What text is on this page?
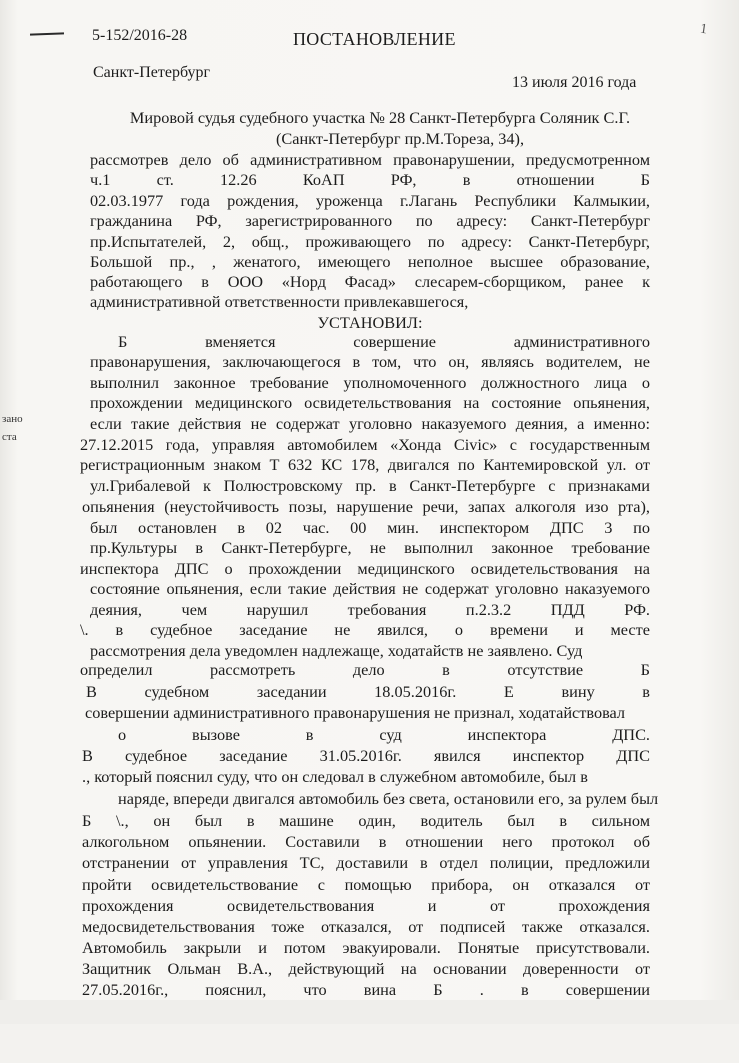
5-152/2016-28	ПОСТАНОВЛЕНИЕ	1
Санкт-Петербург
13 июля 2016 года
зано
ста
Мировой судья судебного участка № 28 Санкт-Петербурга Соляник С.Г.
(Санкт-Петербург пр.М.Тореза, 34),
рассмотрев дело об административном правонарушении, предусмотренном
ч.1 ст. 12.26 КоАП РФ, в отношении Б
02.03.1977 года рождения, уроженца г.Лагань Республики Калмыкии,
гражданина РФ, зарегистрированного по адресу: Санкт-Петербург
пр.Испытателей, 2, общ., проживающего по адресу: Санкт-Петербург,
Большой пр., , женатого, имеющего неполное высшее образование,
работающего в ООО «Норд Фасад» слесарем-сборщиком, ранее к
административной ответственности привлекавшегося,
УСТАНОВИЛ:
Б вменяется совершение административного
правонарушения, заключающегося в том, что он, являясь водителем, не
выполнил законное требование уполномоченного должностного лица о
прохождении медицинского освидетельствования на состояние опьянения,
если такие действия не содержат уголовно наказуемого деяния, а именно:
27.12.2015 года, управляя автомобилем «Хонда Civic» с государственным
регистрационным знаком Т 632 КС 178, двигался по Кантемировской ул. от
ул.Грибалевой к Полюстровскому пр. в Санкт-Петербурге с признаками
опьянения (неустойчивость позы, нарушение речи, запах алкоголя изо рта),
был остановлен в 02 час. 00 мин. инспектором ДПС 3 по
пр.Культуры в Санкт-Петербурге, не выполнил законное требование
инспектора ДПС о прохождении медицинского освидетельствования на
состояние опьянения, если такие действия не содержат уголовно наказуемого
деяния, чем нарушил требования п.2.3.2 ПДД РФ.
\. в судебное заседание не явился, о времени и месте
рассмотрения дела уведомлен надлежаще, ходатайств не заявлено. Суд
определил рассмотреть дело в отсутствие Б
В судебном заседании 18.05.2016г. Е вину в
совершении административного правонарушения не признал, ходатайствовал
о вызове в суд инспектора ДПС.
В судебное заседание 31.05.2016г. явился инспектор ДПС
., который пояснил суду, что он следовал в служебном автомобиле, был в
наряде, впереди двигался автомобиль без света, остановили его, за рулем был
Б \., он был в машине один, водитель был в сильном
алкогольном опьянении. Составили в отношении него протокол об
отстранении от управления ТС, доставили в отдел полиции, предложили
пройти освидетельствование с помощью прибора, он отказался от
прохождения освидетельствования и от прохождения
медосвидетельствования тоже отказался, от подписей также отказался.
Автомобиль закрыли и потом эвакуировали. Понятые присутствовали.
Защитник Ольман В.А., действующий на основании доверенности от
27.05.2016г., пояснил, что вина Б . в совершении
